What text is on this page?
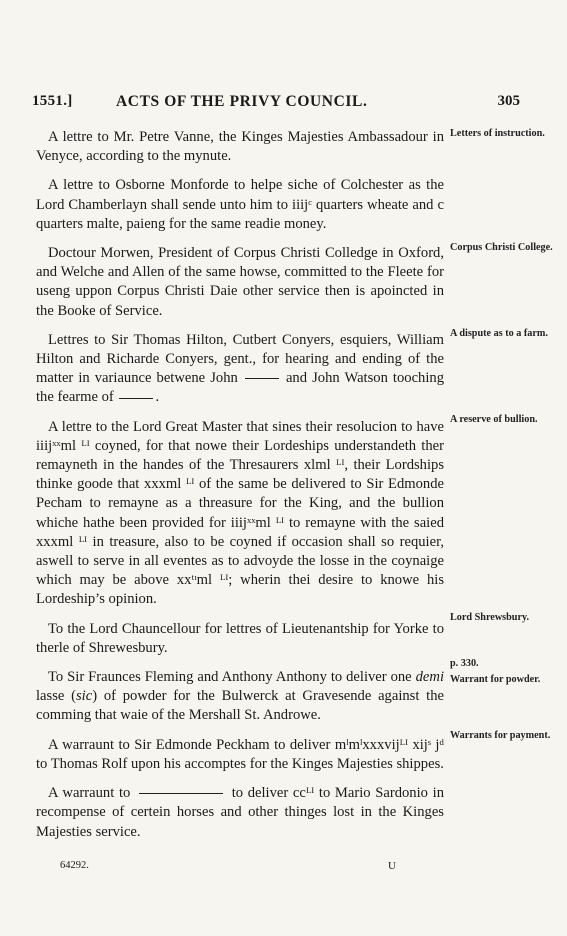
1551.]	ACTS OF THE PRIVY COUNCIL.	305

A lettre to Mr. Petre Vanne, the Kinges Majesties Ambassadour in Venyce, according to the mynute.

A lettre to Osborne Monforde to helpe siche of Colchester as the Lord Chamberlayn shall sende unto him to iiijᶜ quarters wheate and c quarters malte, paieng for the same readie money.

Doctour Morwen, President of Corpus Christi Colledge in Oxford, and Welche and Allen of the same howse, committed to the Fleete for useng uppon Corpus Christi Daie other service then is apoincted in the Booke of Service.

Lettres to Sir Thomas Hilton, Cutbert Conyers, esquiers, William Hilton and Richarde Conyers, gent., for hearing and ending of the matter in variaunce betwene John	and John Watson tooching the fearme of	.

A lettre to the Lord Great Master that sines their resolucion to have iiijˣˣml ᴸᴵ coyned, for that nowe their Lordeships understandeth ther remayneth in the handes of the Thresaurers xlml ᴸᴵ, their Lordships thinke goode that xxxml ᴸᴵ of the same be delivered to Sir Edmonde Pecham to remayne as a threasure for the King, and the bullion whiche hathe been provided for iiijˣˣml ᴸᴵ to remayne with the saied xxxml ᴸᴵ in treasure, also to be coyned if occasion shall so requier, aswell to serve in all eventes as to advoyde the losse in the coynaige which may be above xxᵗᶦml ᴸᴵ; wherin thei desire to knowe his Lordeship’s opinion.

To the Lord Chauncellour for lettres of Lieutenantship for Yorke to therle of Shrewesbury.

To Sir Fraunces Fleming and Anthony Anthony to deliver one demi lasse (sic) of powder for the Bulwerck at Gravesende against the comming that waie of the Mershall St. Androwe.

A warraunt to Sir Edmonde Peckham to deliver mˡmˡxxxvijᴸᴵ xijˢ jᵈ to Thomas Rolf upon his accomptes for the Kinges Majesties shippes.

A warraunt to	to deliver ccᴸᴵ to Mario Sardonio in recompense of certein horses and other thinges lost in the Kinges Majesties service.

Letters of instruction.
Corpus Christi College.
A dispute as to a farm.
A reserve of bullion.
Lord Shrewsbury.
p. 330.
Warrant for powder.
Warrants for payment.
64292.	U
